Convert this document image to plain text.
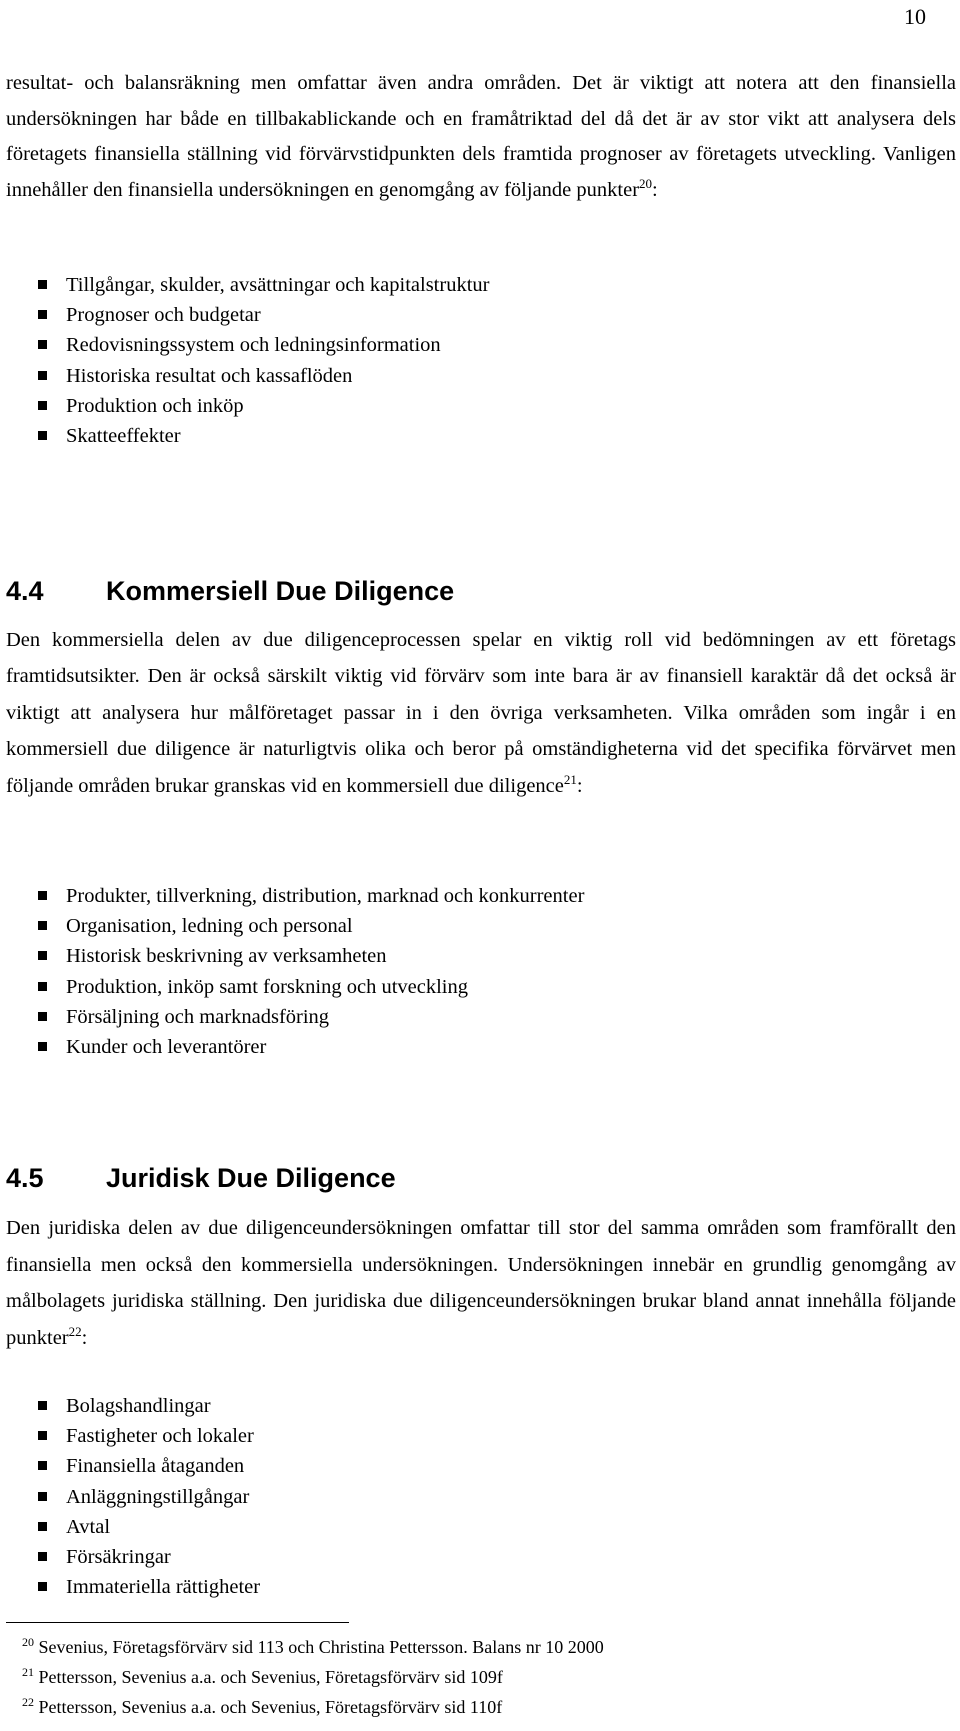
10

resultat- och balansräkning men omfattar även andra områden. Det är viktigt att notera att den finansiella undersökningen har både en tillbakablickande och en framåtriktad del då det är av stor vikt att analysera dels företagets finansiella ställning vid förvärvstidpunkten dels framtida prognoser av företagets utveckling. Vanligen innehåller den finansiella undersökningen en genomgång av följande punkter$^{20}$:

Tillgångar, skulder, avsättningar och kapitalstruktur
Prognoser och budgetar
Redovisningssystem och ledningsinformation
Historiska resultat och kassaflöden
Produktion och inköp
Skatteeffekter
4.4 Kommersiell Due Diligence

Den kommersiella delen av due diligenceprocessen spelar en viktig roll vid bedömningen av ett företags framtidsutsikter. Den är också särskilt viktig vid förvärv som inte bara är av finansiell karaktär då det också är viktigt att analysera hur målföretaget passar in i den övriga verksamheten. Vilka områden som ingår i en kommersiell due diligence är naturligtvis olika och beror på omständigheterna vid det specifika förvärvet men följande områden brukar granskas vid en kommersiell due diligence$^{21}$:

Produkter, tillverkning, distribution, marknad och konkurrenter
Organisation, ledning och personal
Historisk beskrivning av verksamheten
Produktion, inköp samt forskning och utveckling
Försäljning och marknadsföring
Kunder och leverantörer
4.5 Juridisk Due Diligence

Den juridiska delen av due diligenceundersökningen omfattar till stor del samma områden som framförallt den finansiella men också den kommersiella undersökningen. Undersökningen innebär en grundlig genomgång av målbolagets juridiska ställning. Den juridiska due diligenceundersökningen brukar bland annat innehålla följande punkter$^{22}$:

Bolagshandlingar
Fastigheter och lokaler
Finansiella åtaganden
Anläggningstillgångar
Avtal
Försäkringar
Immateriella rättigheter
$^{20}$ Sevenius, Företagsförvärv sid 113 och Christina Pettersson. Balans nr 10 2000
$^{21}$ Pettersson, Sevenius a.a. och Sevenius, Företagsförvärv sid 109f
$^{22}$ Pettersson, Sevenius a.a. och Sevenius, Företagsförvärv sid 110f
